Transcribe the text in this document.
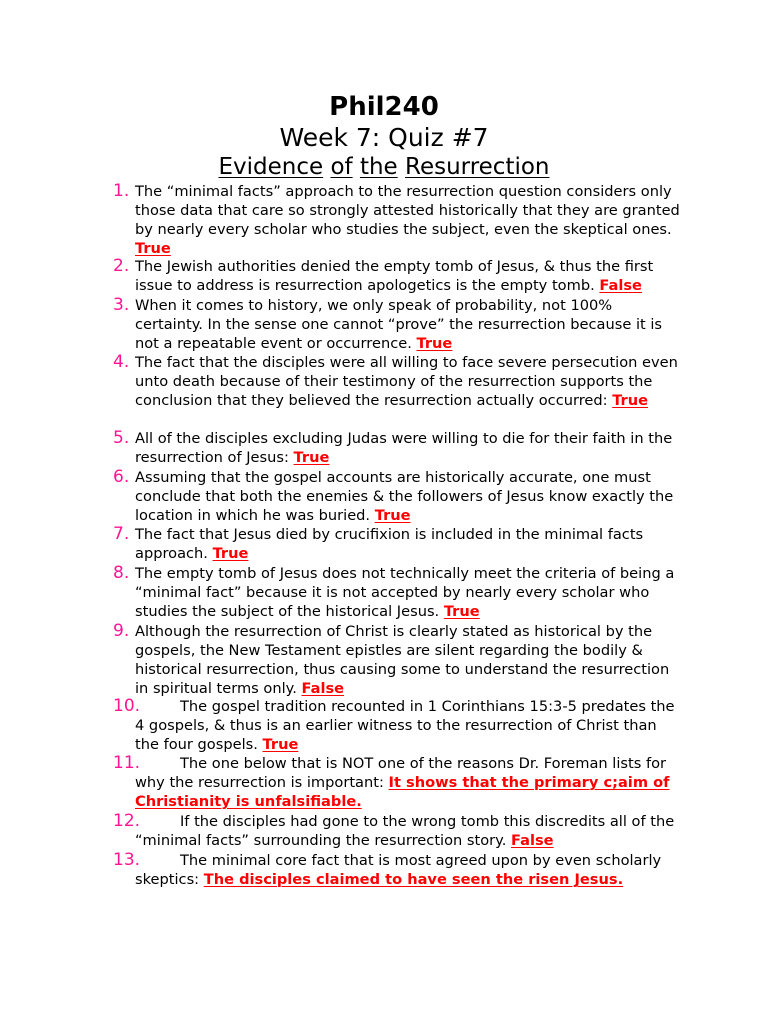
Phil240
Week 7: Quiz #7
Evidence of the Resurrection
1. The “minimal facts” approach to the resurrection question considers only those data that care so strongly attested historically that they are granted by nearly every scholar who studies the subject, even the skeptical ones. True

2. The Jewish authorities denied the empty tomb of Jesus, & thus the first issue to address is resurrection apologetics is the empty tomb. False

3. When it comes to history, we only speak of probability, not 100% certainty. In the sense one cannot “prove” the resurrection because it is not a repeatable event or occurrence. True

4. The fact that the disciples were all willing to face severe persecution even unto death because of their testimony of the resurrection supports the conclusion that they believed the resurrection actually occurred: True

5. All of the disciples excluding Judas were willing to die for their faith in the resurrection of Jesus: True

6. Assuming that the gospel accounts are historically accurate, one must conclude that both the enemies & the followers of Jesus know exactly the location in which he was buried. True

7. The fact that Jesus died by crucifixion is included in the minimal facts approach. True

8. The empty tomb of Jesus does not technically meet the criteria of being a “minimal fact” because it is not accepted by nearly every scholar who studies the subject of the historical Jesus. True

9. Although the resurrection of Christ is clearly stated as historical by the gospels, the New Testament epistles are silent regarding the bodily & historical resurrection, thus causing some to understand the resurrection in spiritual terms only. False

10.	The gospel tradition recounted in 1 Corinthians 15:3-5 predates the 4 gospels, & thus is an earlier witness to the resurrection of Christ than the four gospels. True

11.	The one below that is NOT one of the reasons Dr. Foreman lists for why the resurrection is important: It shows that the primary c;aim of Christianity is unfalsifiable.

12.	If the disciples had gone to the wrong tomb this discredits all of the “minimal facts” surrounding the resurrection story. False

13.	The minimal core fact that is most agreed upon by even scholarly skeptics: The disciples claimed to have seen the risen Jesus.
